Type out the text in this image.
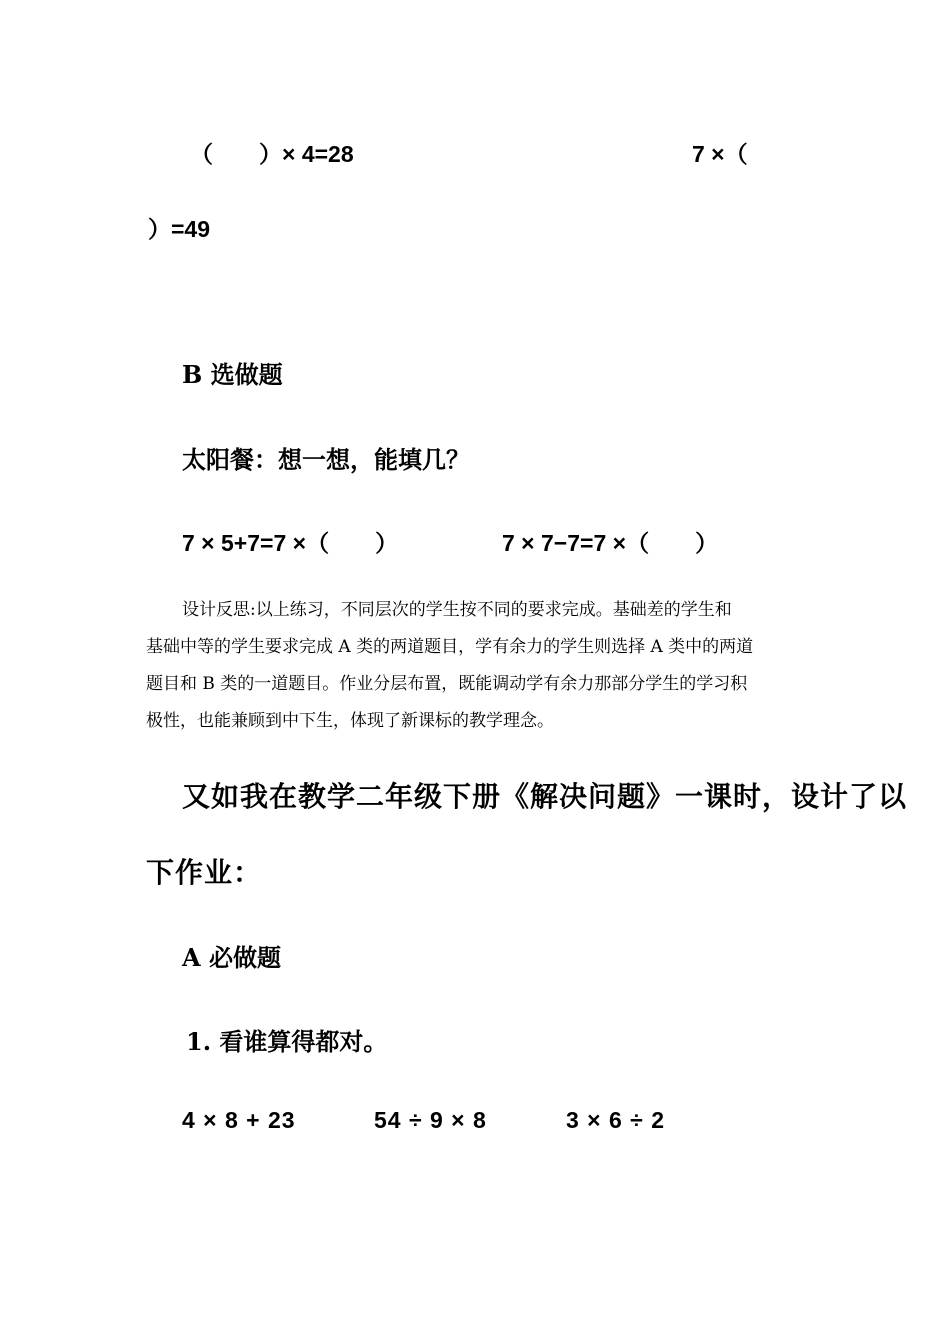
（　　）× 4=28	7 ×（
）=49
B 选做题
太阳餐：想一想，能填几？
7 × 5+7=7 ×（　　）	7 × 7−7=7 ×（　　）
设计反思:以上练习，不同层次的学生按不同的要求完成。基础差的学生和
基础中等的学生要求完成 A 类的两道题目，学有余力的学生则选择 A 类中的两道
题目和 B 类的一道题目。作业分层布置，既能调动学有余力那部分学生的学习积
极性，也能兼顾到中下生，体现了新课标的教学理念。
又如我在教学二年级下册《解决问题》一课时，设计了以
下作业：
A 必做题
1. 看谁算得都对。
4 × 8 + 23	54 ÷ 9 × 8	3 × 6 ÷ 2
